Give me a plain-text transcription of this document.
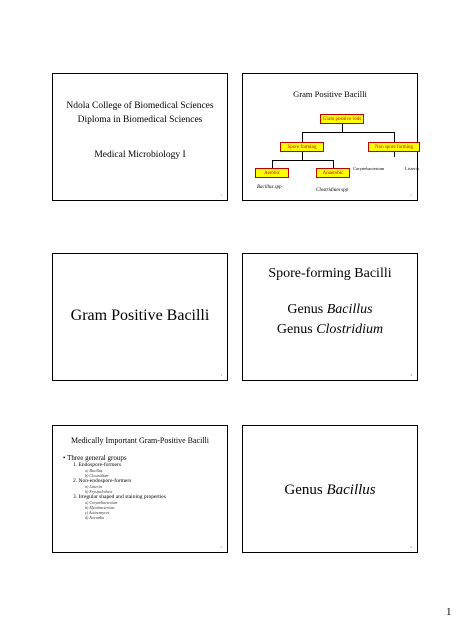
Ndola College of Biomedical Sciences
Diploma in Biomedical Sciences
Medical Microbiology I
1
Gram Positive Bacilli
Gram positive rods
Spore forming	Non spore forming
Aerobic	Anaerobic
Corynebacterium	Listeria
Bacillus spp
Clostridium spp
2
Gram Positive Bacilli
3
Spore-forming Bacilli
Genus Bacillus
Genus Clostridium
4
Medically Important Gram-Positive Bacilli
• Three general groups
1. Endospore-formers
a) Bacillus
b) Clostridium
2. Non-endospore-formers
a) Listeria
b) Erysipelothrix
3. Irregular shaped and staining properties
a) Corynebacterium
b) Mycobacterium
c) Actinomyces
d) Nocardia
5
Genus Bacillus
6
1
